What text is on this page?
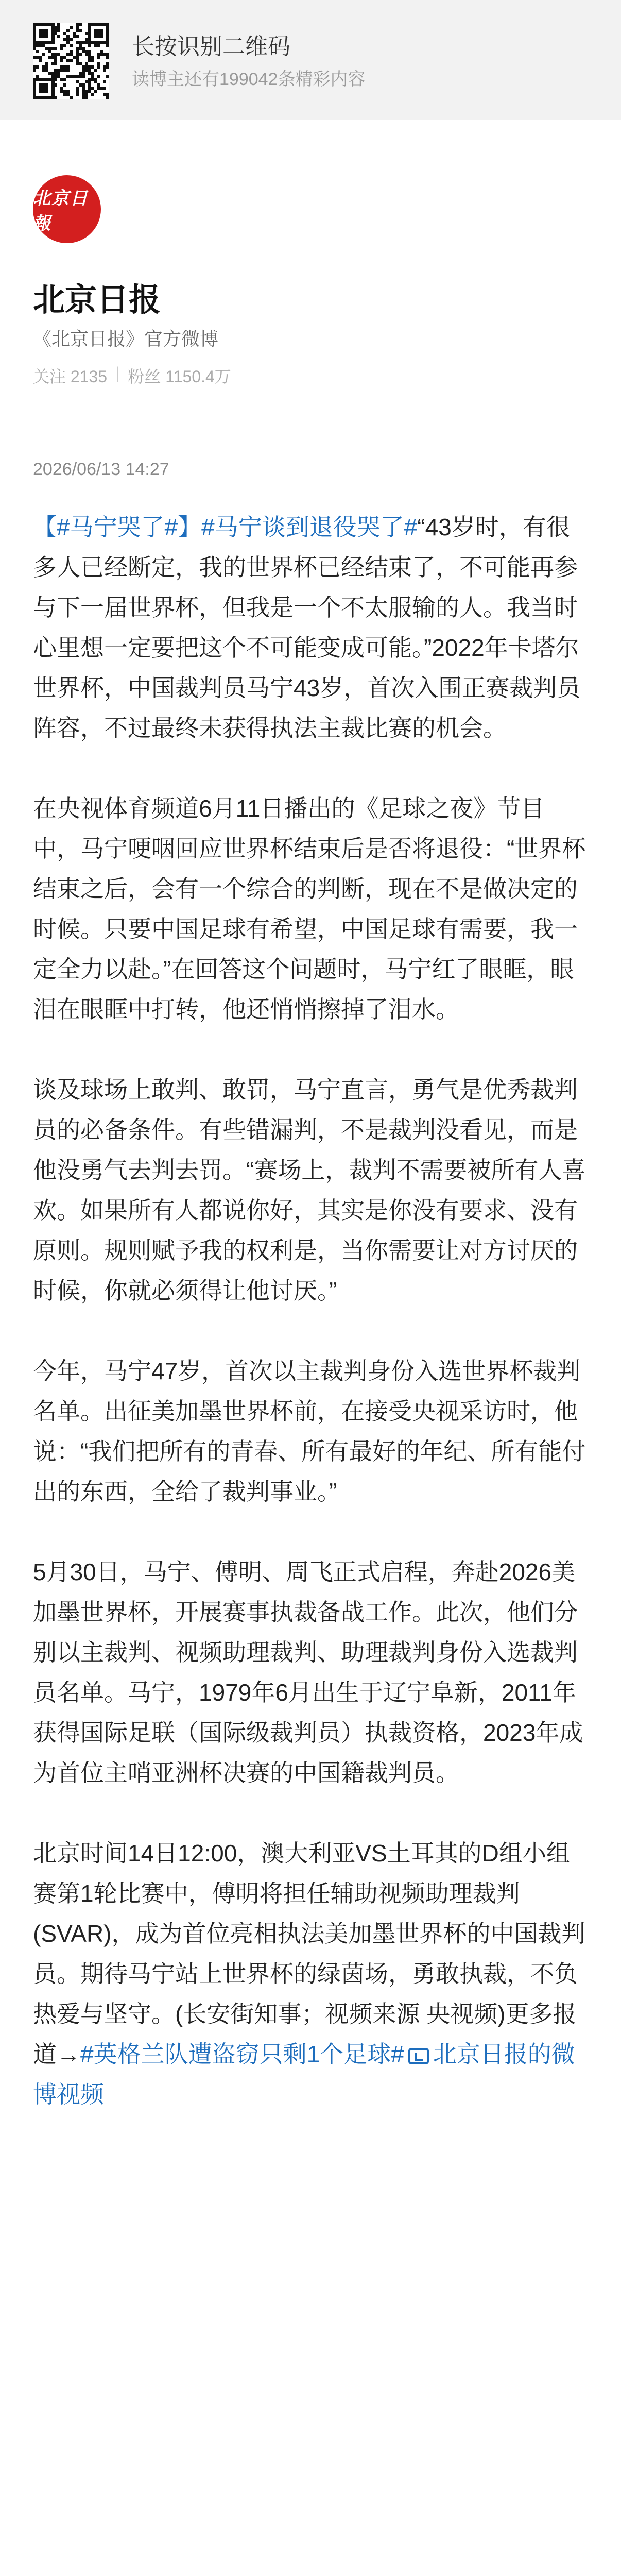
长按识别二维码
读博主还有199042条精彩内容
北京日報
北京日报
《北京日报》官方微博
关注 2135 | 粉丝 1150.4万
2026/06/13 14:27

【#马宁哭了#】#马宁谈到退役哭了#“43岁时，有很多人已经断定，我的世界杯已经结束了，不可能再参与下一届世界杯，但我是一个不太服输的人。我当时心里想一定要把这个不可能变成可能。”2022年卡塔尔世界杯，中国裁判员马宁43岁，首次入围正赛裁判员阵容，不过最终未获得执法主裁比赛的机会。

在央视体育频道6月11日播出的《足球之夜》节目中，马宁哽咽回应世界杯结束后是否将退役：“世界杯结束之后，会有一个综合的判断，现在不是做决定的时候。只要中国足球有希望，中国足球有需要，我一定全力以赴。”在回答这个问题时，马宁红了眼眶，眼泪在眼眶中打转，他还悄悄擦掉了泪水。

谈及球场上敢判、敢罚，马宁直言，勇气是优秀裁判员的必备条件。有些错漏判，不是裁判没看见，而是他没勇气去判去罚。“赛场上，裁判不需要被所有人喜欢。如果所有人都说你好，其实是你没有要求、没有原则。规则赋予我的权利是，当你需要让对方讨厌的时候，你就必须得让他讨厌。”

今年，马宁47岁，首次以主裁判身份入选世界杯裁判名单。出征美加墨世界杯前，在接受央视采访时，他说：“我们把所有的青春、所有最好的年纪、所有能付出的东西，全给了裁判事业。”

5月30日，马宁、傅明、周飞正式启程，奔赴2026美加墨世界杯，开展赛事执裁备战工作。此次，他们分别以主裁判、视频助理裁判、助理裁判身份入选裁判员名单。马宁，1979年6月出生于辽宁阜新，2011年获得国际足联（国际级裁判员）执裁资格，2023年成为首位主哨亚洲杯决赛的中国籍裁判员。

北京时间14日12:00，澳大利亚VS土耳其的D组小组赛第1轮比赛中，傅明将担任辅助视频助理裁判(SVAR)，成为首位亮相执法美加墨世界杯的中国裁判员。期待马宁站上世界杯的绿茵场，勇敢执裁，不负热爱与坚守。(长安街知事；视频来源 央视频)更多报道→#英格兰队遭盗窃只剩1个足球# 北京日报的微博视频
